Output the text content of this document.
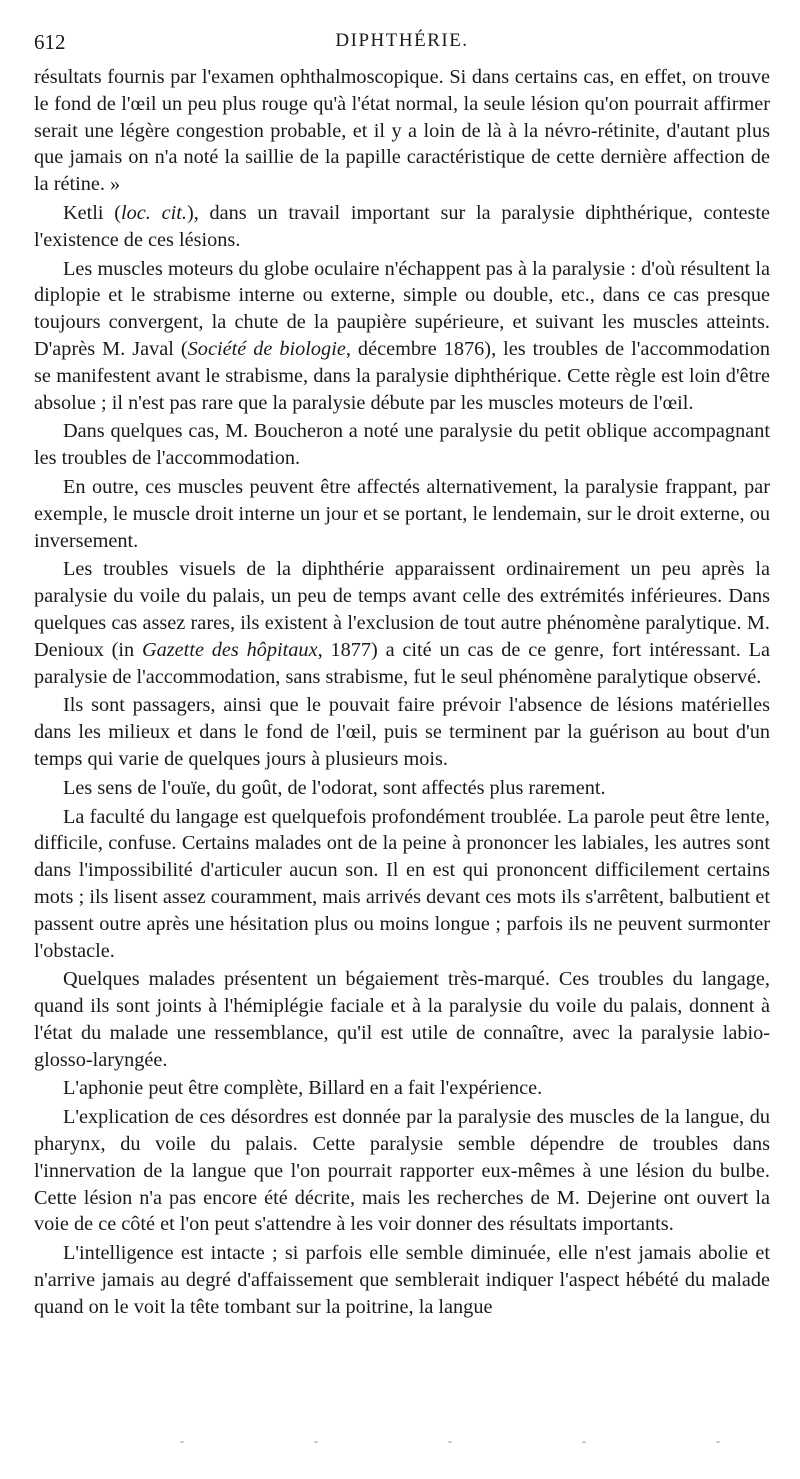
612	DIPHTHÉRIE.

résultats fournis par l'examen ophthalmoscopique. Si dans certains cas, en effet, on trouve le fond de l'œil un peu plus rouge qu'à l'état normal, la seule lésion qu'on pourrait affirmer serait une légère congestion probable, et il y a loin de là à la névro-rétinite, d'autant plus que jamais on n'a noté la saillie de la papille caractéristique de cette dernière affection de la rétine. »

Ketli (loc. cit.), dans un travail important sur la paralysie diphthérique, conteste l'existence de ces lésions.

Les muscles moteurs du globe oculaire n'échappent pas à la paralysie : d'où résultent la diplopie et le strabisme interne ou externe, simple ou double, etc., dans ce cas presque toujours convergent, la chute de la paupière supérieure, et suivant les muscles atteints. D'après M. Javal (Société de biologie, décembre 1876), les troubles de l'accommodation se manifestent avant le strabisme, dans la paralysie diphthérique. Cette règle est loin d'être absolue ; il n'est pas rare que la paralysie débute par les muscles moteurs de l'œil.

Dans quelques cas, M. Boucheron a noté une paralysie du petit oblique accompagnant les troubles de l'accommodation.

En outre, ces muscles peuvent être affectés alternativement, la paralysie frappant, par exemple, le muscle droit interne un jour et se portant, le lendemain, sur le droit externe, ou inversement.

Les troubles visuels de la diphthérie apparaissent ordinairement un peu après la paralysie du voile du palais, un peu de temps avant celle des extrémités inférieures. Dans quelques cas assez rares, ils existent à l'exclusion de tout autre phénomène paralytique. M. Denioux (in Gazette des hôpitaux, 1877) a cité un cas de ce genre, fort intéressant. La paralysie de l'accommodation, sans strabisme, fut le seul phénomène paralytique observé.

Ils sont passagers, ainsi que le pouvait faire prévoir l'absence de lésions matérielles dans les milieux et dans le fond de l'œil, puis se terminent par la guérison au bout d'un temps qui varie de quelques jours à plusieurs mois.

Les sens de l'ouïe, du goût, de l'odorat, sont affectés plus rarement.

La faculté du langage est quelquefois profondément troublée. La parole peut être lente, difficile, confuse. Certains malades ont de la peine à prononcer les labiales, les autres sont dans l'impossibilité d'articuler aucun son. Il en est qui prononcent difficilement certains mots ; ils lisent assez couramment, mais arrivés devant ces mots ils s'arrêtent, balbutient et passent outre après une hésitation plus ou moins longue ; parfois ils ne peuvent surmonter l'obstacle.

Quelques malades présentent un bégaiement très-marqué. Ces troubles du langage, quand ils sont joints à l'hémiplégie faciale et à la paralysie du voile du palais, donnent à l'état du malade une ressemblance, qu'il est utile de connaître, avec la paralysie labio-glosso-laryngée.

L'aphonie peut être complète, Billard en a fait l'expérience.

L'explication de ces désordres est donnée par la paralysie des muscles de la langue, du pharynx, du voile du palais. Cette paralysie semble dépendre de troubles dans l'innervation de la langue que l'on pourrait rapporter eux-mêmes à une lésion du bulbe. Cette lésion n'a pas encore été décrite, mais les recherches de M. Dejerine ont ouvert la voie de ce côté et l'on peut s'attendre à les voir donner des résultats importants.

L'intelligence est intacte ; si parfois elle semble diminuée, elle n'est jamais abolie et n'arrive jamais au degré d'affaissement que semblerait indiquer l'aspect hébété du malade quand on le voit la tête tombant sur la poitrine, la langue

-	-	-	-	-
